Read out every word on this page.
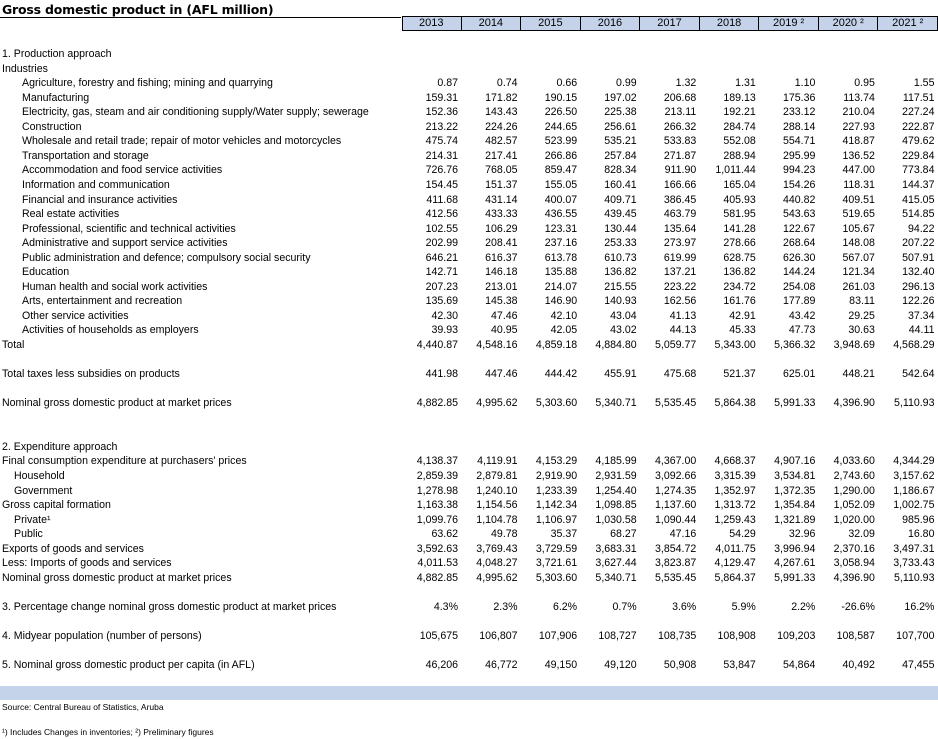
Gross domestic product in (AFL million)
2013	2014	2015	2016	2017	2018	2019 ²	2020 ²	2021 ²
1. Production approach
Industries
Agriculture, forestry and fishing; mining and quarrying	0.87	0.74	0.66	0.99	1.32	1.31	1.10	0.95	1.55
Manufacturing	159.31	171.82	190.15	197.02	206.68	189.13	175.36	113.74	117.51
Electricity, gas, steam and air conditioning supply/Water supply; sewerage	152.36	143.43	226.50	225.38	213.11	192.21	233.12	210.04	227.24
Construction	213.22	224.26	244.65	256.61	266.32	284.74	288.14	227.93	222.87
Wholesale and retail trade; repair of motor vehicles and motorcycles	475.74	482.57	523.99	535.21	533.83	552.08	554.71	418.87	479.62
Transportation and storage	214.31	217.41	266.86	257.84	271.87	288.94	295.99	136.52	229.84
Accommodation and food service activities	726.76	768.05	859.47	828.34	911.90	1,011.44	994.23	447.00	773.84
Information and communication	154.45	151.37	155.05	160.41	166.66	165.04	154.26	118.31	144.37
Financial and insurance activities	411.68	431.14	400.07	409.71	386.45	405.93	440.82	409.51	415.05
Real estate activities	412.56	433.33	436.55	439.45	463.79	581.95	543.63	519.65	514.85
Professional, scientific and technical activities	102.55	106.29	123.31	130.44	135.64	141.28	122.67	105.67	94.22
Administrative and support service activities	202.99	208.41	237.16	253.33	273.97	278.66	268.64	148.08	207.22
Public administration and defence; compulsory social security	646.21	616.37	613.78	610.73	619.99	628.75	626.30	567.07	507.91
Education	142.71	146.18	135.88	136.82	137.21	136.82	144.24	121.34	132.40
Human health and social work activities	207.23	213.01	214.07	215.55	223.22	234.72	254.08	261.03	296.13
Arts, entertainment and recreation	135.69	145.38	146.90	140.93	162.56	161.76	177.89	83.11	122.26
Other service activities	42.30	47.46	42.10	43.04	41.13	42.91	43.42	29.25	37.34
Activities of households as employers	39.93	40.95	42.05	43.02	44.13	45.33	47.73	30.63	44.11
Total	4,440.87	4,548.16	4,859.18	4,884.80	5,059.77	5,343.00	5,366.32	3,948.69	4,568.29
Total taxes less subsidies on products	441.98	447.46	444.42	455.91	475.68	521.37	625.01	448.21	542.64
Nominal gross domestic product at market prices	4,882.85	4,995.62	5,303.60	5,340.71	5,535.45	5,864.38	5,991.33	4,396.90	5,110.93
2. Expenditure approach
Final consumption expenditure at purchasers' prices	4,138.37	4,119.91	4,153.29	4,185.99	4,367.00	4,668.37	4,907.16	4,033.60	4,344.29
Household	2,859.39	2,879.81	2,919.90	2,931.59	3,092.66	3,315.39	3,534.81	2,743.60	3,157.62
Government	1,278.98	1,240.10	1,233.39	1,254.40	1,274.35	1,352.97	1,372.35	1,290.00	1,186.67
Gross capital formation	1,163.38	1,154.56	1,142.34	1,098.85	1,137.60	1,313.72	1,354.84	1,052.09	1,002.75
Private¹	1,099.76	1,104.78	1,106.97	1,030.58	1,090.44	1,259.43	1,321.89	1,020.00	985.96
Public	63.62	49.78	35.37	68.27	47.16	54.29	32.96	32.09	16.80
Exports of goods and services	3,592.63	3,769.43	3,729.59	3,683.31	3,854.72	4,011.75	3,996.94	2,370.16	3,497.31
Less: Imports of goods and services	4,011.53	4,048.27	3,721.61	3,627.44	3,823.87	4,129.47	4,267.61	3,058.94	3,733.43
Nominal gross domestic product at market prices	4,882.85	4,995.62	5,303.60	5,340.71	5,535.45	5,864.37	5,991.33	4,396.90	5,110.93
3. Percentage change nominal gross domestic product at market prices	4.3%	2.3%	6.2%	0.7%	3.6%	5.9%	2.2%	-26.6%	16.2%
4. Midyear population (number of persons)	105,675	106,807	107,906	108,727	108,735	108,908	109,203	108,587	107,700
5. Nominal gross domestic product per capita (in AFL)	46,206	46,772	49,150	49,120	50,908	53,847	54,864	40,492	47,455
Source: Central Bureau of Statistics, Aruba
¹) Includes Changes in inventories; ²) Preliminary figures
